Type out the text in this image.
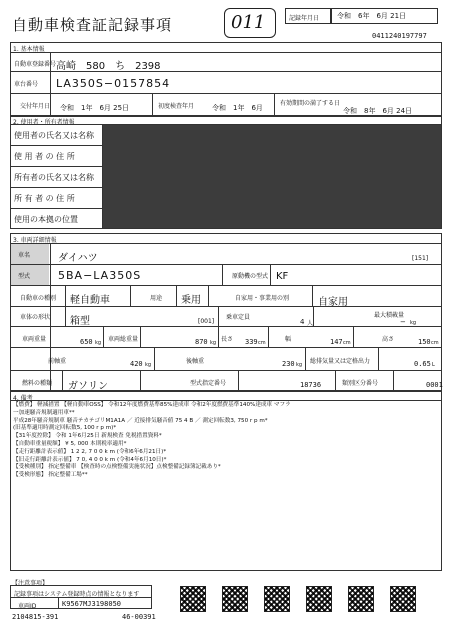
自動車検査証記録事項	011	記録年月日	令和　6年　6月 21日
0411240197797
1. 基本情報
自動車登録番号 高崎　580　ち　2398
車台番号 LA350S−0157854
交付年月日 令和　1年　6月 25日	初度検査年月	令和　1年　6月
有効期間の満了する日
令和　8年　6月 24日
2. 使用者・所有者情報
使用者の氏名又は名称
使 用 者 の 住 所
所有者の氏名又は名称
所 有 者 の 住 所
使用の本拠の位置
3. 車両詳細情報
車名	ダイハツ	[151]
型式	5BA−LA350S	原動機の型式 KF
自動車の種別 軽自動車	用途 乗用	自家用・事業用の別	自家用
車体の形状 箱型	[001]
乗車定員
4 人
最大積載量
− kg
車両重量	650 kg 車両総重量	870 kg 長さ 339 cm	幅	147 cm	高さ	150 cm
前軸重	420 kg	後軸重	230 kg 総排気量又は定格出力	0.65 L
燃料の種類 ガソリン	型式指定番号	18736	類別区分番号	0001
4. 備考
【燃費】 軽減措置 【軽自動車OSS】 令和12年度燃費基準85%達成車 令和2年度燃費基準140%達成車 マフラ
一加速騒音規制適用車**
平成28年騒音規制車 騒音テカテゴリM1A1A ／ 近接排気騒音値 75 4 B ／ 測定回転数3, 750 r p m*
(旧基準適用時測定回転数5, 100 r p m)*
【31年度控除】 令和 1年6月25日 新規検査 免税措置資料*
【自動車重量税額】 ¥ 5, 000 本則税率適用*
【走行距離計表示値】 1 2 2, 7 0 0 k m (令和6年6月21日)*
【旧走行距離計表示値】 7 0, 4 0 0 k m (令和4年6月10日)*
【受検種別】 指定整備車 【検査時の点検整備実施状況】点検整備記録簿記載あり*
【受検形態】 指定整備工場**
【注意事項】
記録事項はシステム登録時点の情報となります
車両ID	K9567MJ3198050
2104815-391	46-00391
